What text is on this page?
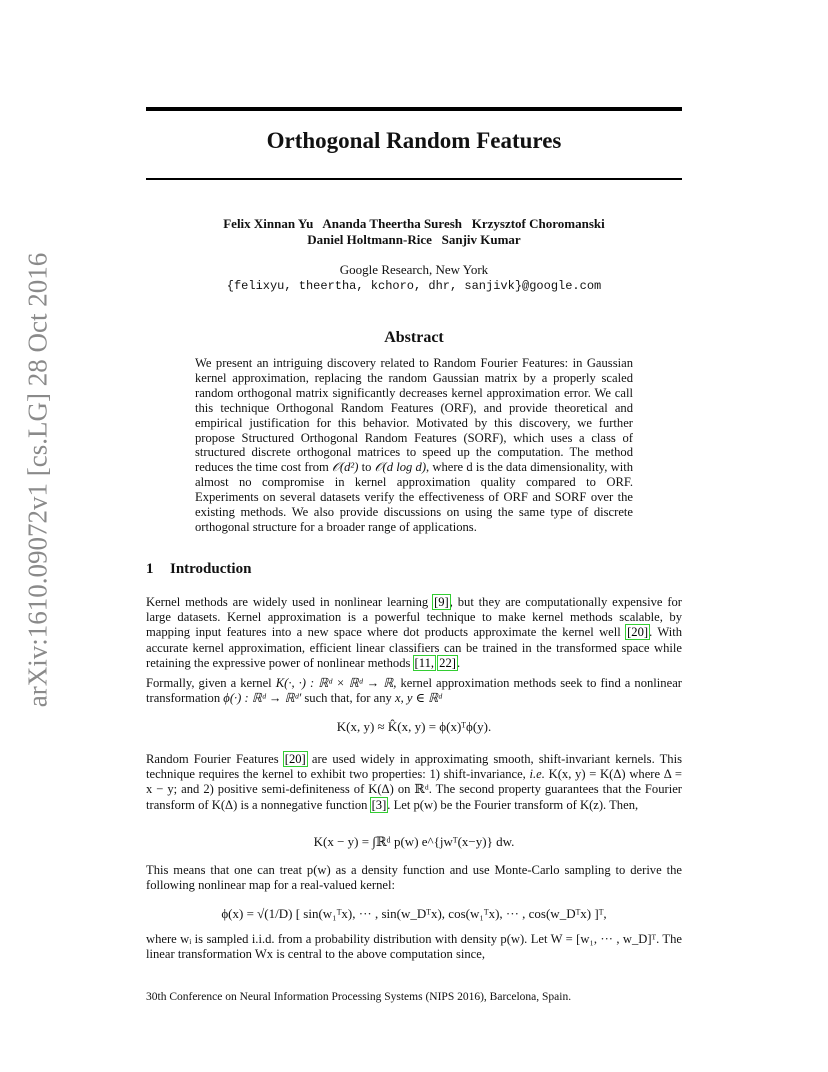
arXiv:1610.09072v1 [cs.LG] 28 Oct 2016
Orthogonal Random Features
Felix Xinnan Yu   Ananda Theertha Suresh   Krzysztof Choromanski
Daniel Holtmann-Rice   Sanjiv Kumar
Google Research, New York
{felixyu, theertha, kchoro, dhr, sanjivk}@google.com
Abstract

We present an intriguing discovery related to Random Fourier Features: in Gaussian kernel approximation, replacing the random Gaussian matrix by a properly scaled random orthogonal matrix significantly decreases kernel approximation error. We call this technique Orthogonal Random Features (ORF), and provide theoretical and empirical justification for this behavior. Motivated by this discovery, we further propose Structured Orthogonal Random Features (SORF), which uses a class of structured discrete orthogonal matrices to speed up the computation. The method reduces the time cost from 𝒪(d²) to 𝒪(d log d), where d is the data dimensionality, with almost no compromise in kernel approximation quality compared to ORF. Experiments on several datasets verify the effectiveness of ORF and SORF over the existing methods. We also provide discussions on using the same type of discrete orthogonal structure for a broader range of applications.

1 Introduction

Kernel methods are widely used in nonlinear learning [9], but they are computationally expensive for large datasets. Kernel approximation is a powerful technique to make kernel methods scalable, by mapping input features into a new space where dot products approximate the kernel well [20]. With accurate kernel approximation, efficient linear classifiers can be trained in the transformed space while retaining the expressive power of nonlinear methods [11, 22].

Formally, given a kernel K(·, ·) : ℝᵈ × ℝᵈ → ℝ, kernel approximation methods seek to find a nonlinear transformation ϕ(·) : ℝᵈ → ℝᵈ′ such that, for any x, y ∈ ℝᵈ

K(x, y) ≈ K̂(x, y) = ϕ(x)ᵀϕ(y).

Random Fourier Features [20] are used widely in approximating smooth, shift-invariant kernels. This technique requires the kernel to exhibit two properties: 1) shift-invariance, i.e. K(x, y) = K(Δ) where Δ = x − y; and 2) positive semi-definiteness of K(Δ) on ℝᵈ. The second property guarantees that the Fourier transform of K(Δ) is a nonnegative function [3]. Let p(w) be the Fourier transform of K(z). Then,

K(x − y) = ∫ℝᵈ p(w) e^{jwᵀ(x−y)} dw.

This means that one can treat p(w) as a density function and use Monte-Carlo sampling to derive the following nonlinear map for a real-valued kernel:

ϕ(x) = √(1/D) [ sin(w₁ᵀx), ··· , sin(w_Dᵀx), cos(w₁ᵀx), ··· , cos(w_Dᵀx) ]ᵀ,

where wᵢ is sampled i.i.d. from a probability distribution with density p(w). Let W = [w₁, ··· , w_D]ᵀ. The linear transformation Wx is central to the above computation since,

30th Conference on Neural Information Processing Systems (NIPS 2016), Barcelona, Spain.
